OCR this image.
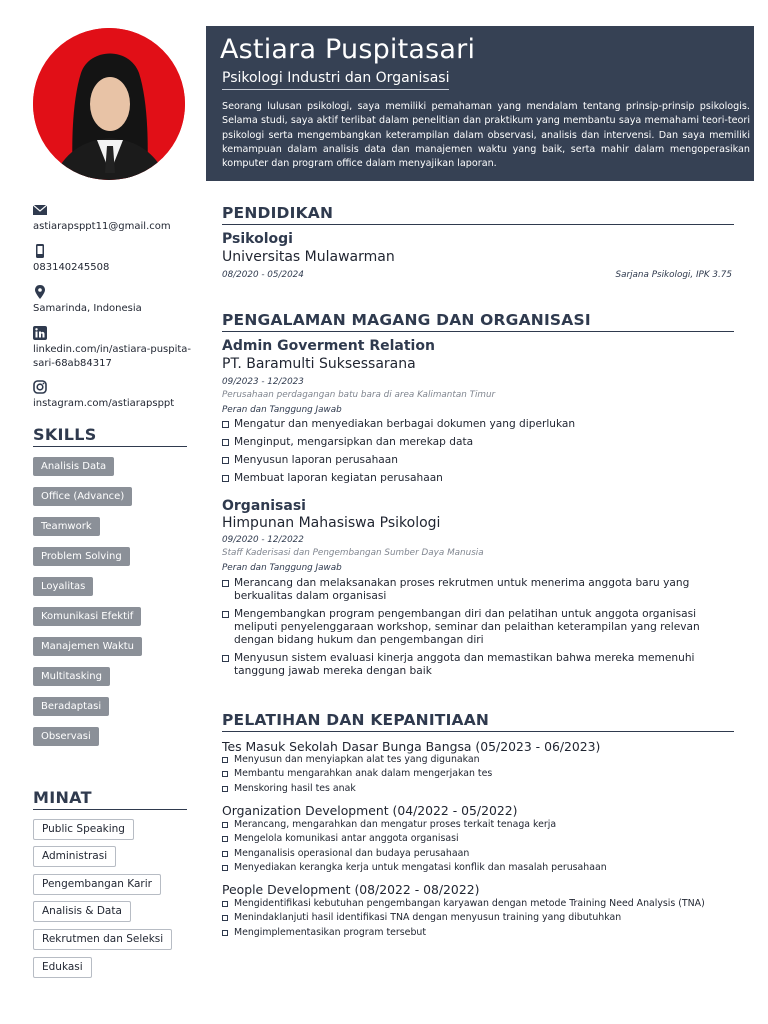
Astiara Puspitasari
Psikologi Industri dan Organisasi
Seorang lulusan psikologi, saya memiliki pemahaman yang mendalam tentang prinsip-prinsip psikologis. Selama studi, saya aktif terlibat dalam penelitian dan praktikum yang membantu saya memahami teori-teori psikologi serta mengembangkan keterampilan dalam observasi, analisis dan intervensi. Dan saya memiliki kemampuan dalam analisis data dan manajemen waktu yang baik, serta mahir dalam mengoperasikan komputer dan program office dalam menyajikan laporan.
astiarapsppt11@gmail.com
083140245508
Samarinda, Indonesia
linkedin.com/in/astiara-puspita-sari-68ab84317
instagram.com/astiarapsppt
SKILLS
Analisis Data
Office (Advance)
Teamwork
Problem Solving
Loyalitas
Komunikasi Efektif
Manajemen Waktu
Multitasking
Beradaptasi
Observasi
MINAT
Public Speaking
Administrasi
Pengembangan Karir
Analisis & Data
Rekrutmen dan Seleksi
Edukasi
PENDIDIKAN
Psikologi
Universitas Mulawarman
08/2020 - 05/2024	Sarjana Psikologi, IPK 3.75
PENGALAMAN MAGANG DAN ORGANISASI
Admin Goverment Relation
PT. Baramulti Suksessarana
09/2023 - 12/2023
Perusahaan perdagangan batu bara di area Kalimantan Timur
Peran dan Tanggung Jawab
Mengatur dan menyediakan berbagai dokumen yang diperlukan
Menginput, mengarsipkan dan merekap data
Menyusun laporan perusahaan
Membuat laporan kegiatan perusahaan
Organisasi
Himpunan Mahasiswa Psikologi
09/2020 - 12/2022
Staff Kaderisasi dan Pengembangan Sumber Daya Manusia
Peran dan Tanggung Jawab
Merancang dan melaksanakan proses rekrutmen untuk menerima anggota baru yang berkualitas dalam organisasi
Mengembangkan program pengembangan diri dan pelatihan untuk anggota organisasi meliputi penyelenggaraan workshop, seminar dan pelaithan keterampilan yang relevan dengan bidang hukum dan pengembangan diri
Menyusun sistem evaluasi kinerja anggota dan memastikan bahwa mereka memenuhi tanggung jawab mereka dengan baik
PELATIHAN DAN KEPANITIAAN
Tes Masuk Sekolah Dasar Bunga Bangsa (05/2023 - 06/2023)
Menyusun dan menyiapkan alat tes yang digunakan
Membantu mengarahkan anak dalam mengerjakan tes
Menskoring hasil tes anak
Organization Development (04/2022 - 05/2022)
Merancang, mengarahkan dan mengatur proses terkait tenaga kerja
Mengelola komunikasi antar anggota organisasi
Menganalisis operasional dan budaya perusahaan
Menyediakan kerangka kerja untuk mengatasi konflik dan masalah perusahaan
People Development (08/2022 - 08/2022)
Mengidentifikasi kebutuhan pengembangan karyawan dengan metode Training Need Analysis (TNA)
Menindaklanjuti hasil identifikasi TNA dengan menyusun training yang dibutuhkan
Mengimplementasikan program tersebut
